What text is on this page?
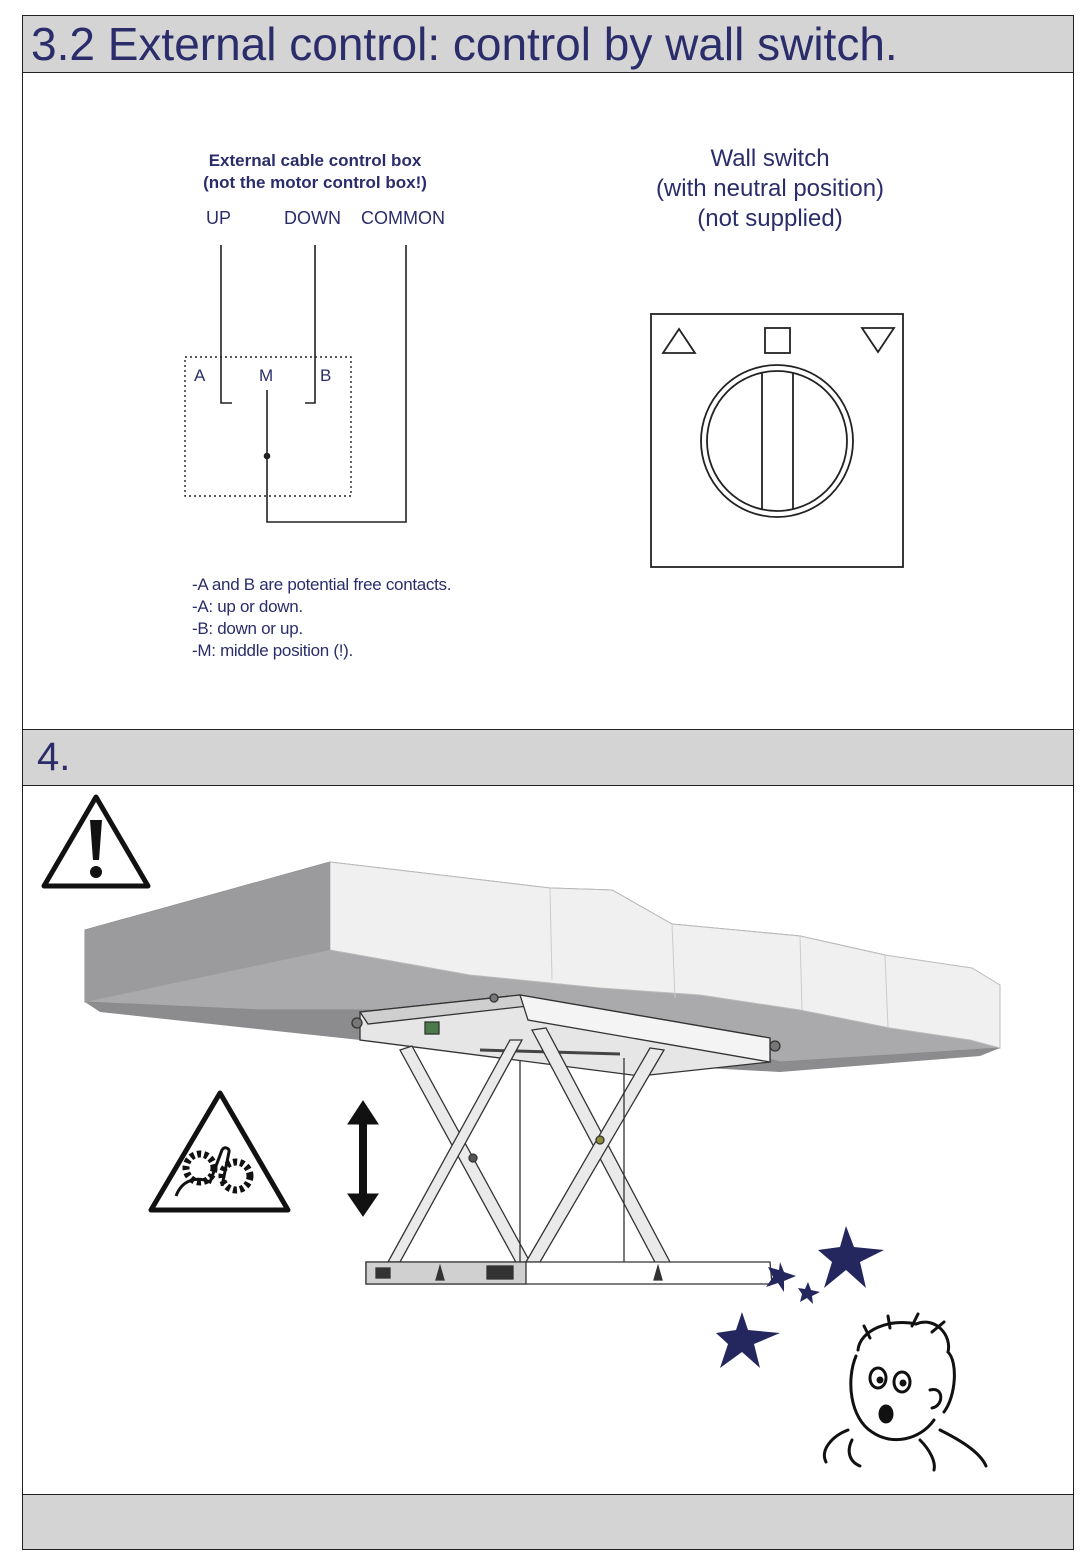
3.2 External control: control by wall switch.
4.
External cable control box
(not the motor control box!)
UP	DOWN COMMON
A	M	B
Wall switch
(with neutral position)
(not supplied)
-A and B are potential free contacts.
-A: up or down.
-B: down or up.
-M: middle position (!).
